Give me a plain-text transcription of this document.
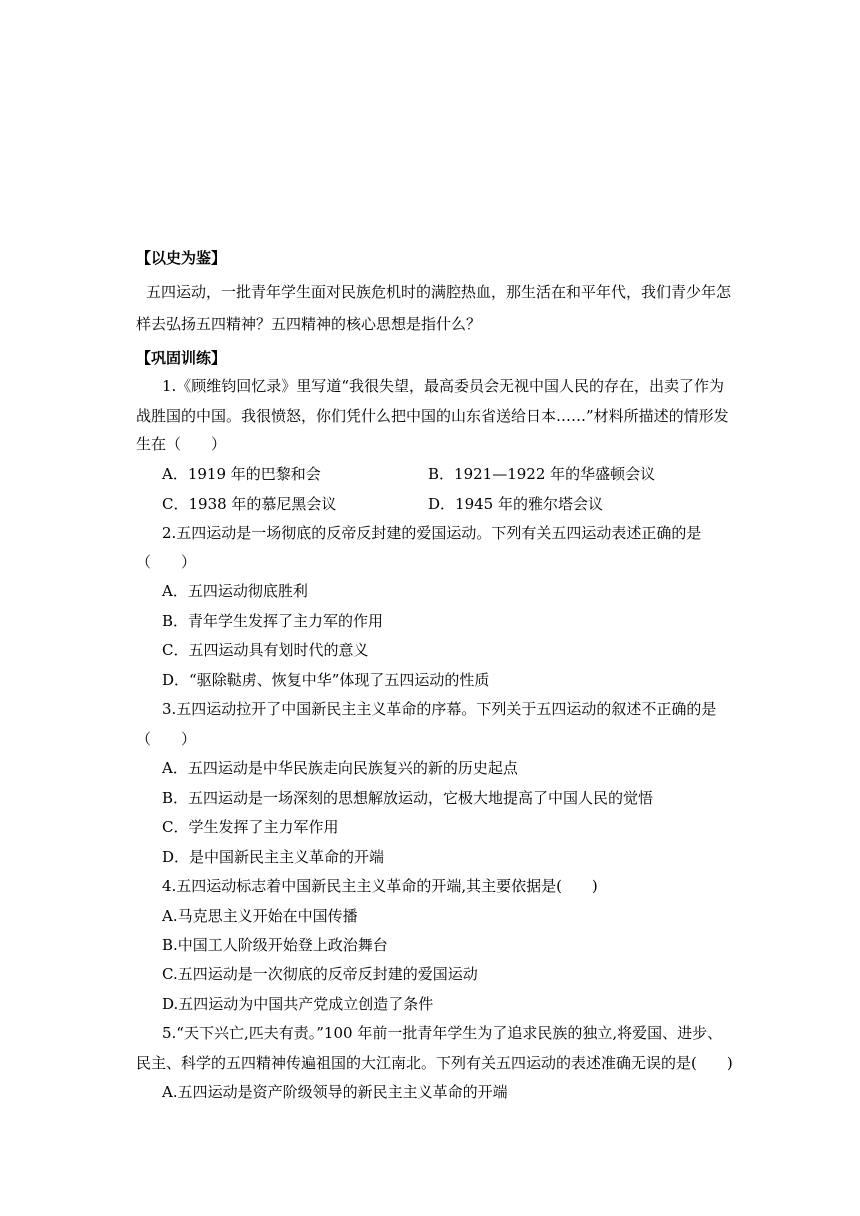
【以史为鉴】
五四运动，一批青年学生面对民族危机时的满腔热血，那生活在和平年代，我们青少年怎
样去弘扬五四精神？五四精神的核心思想是指什么？
【巩固训练】
1.《顾维钧回忆录》里写道“我很失望，最高委员会无视中国人民的存在，出卖了作为
战胜国的中国。我很愤怒，你们凭什么把中国的山东省送给日本……”材料所描述的情形发
生在（　　）
A．1919 年的巴黎和会	B．1921—1922 年的华盛顿会议
C．1938 年的慕尼黑会议	D．1945 年的雅尔塔会议
2.五四运动是一场彻底的反帝反封建的爱国运动。下列有关五四运动表述正确的是
（　　）
A．五四运动彻底胜利
B．青年学生发挥了主力军的作用
C．五四运动具有划时代的意义
D．“驱除鞑虏、恢复中华”体现了五四运动的性质
3.五四运动拉开了中国新民主主义革命的序幕。下列关于五四运动的叙述不正确的是
（　　）
A．五四运动是中华民族走向民族复兴的新的历史起点
B．五四运动是一场深刻的思想解放运动，它极大地提高了中国人民的觉悟
C．学生发挥了主力军作用
D．是中国新民主主义革命的开端
4.五四运动标志着中国新民主主义革命的开端,其主要依据是(　　)
A.马克思主义开始在中国传播
B.中国工人阶级开始登上政治舞台
C.五四运动是一次彻底的反帝反封建的爱国运动
D.五四运动为中国共产党成立创造了条件
5.“天下兴亡,匹夫有责。”100 年前一批青年学生为了追求民族的独立,将爱国、进步、
民主、科学的五四精神传遍祖国的大江南北。下列有关五四运动的表述准确无误的是(　　)
A.五四运动是资产阶级领导的新民主主义革命的开端
